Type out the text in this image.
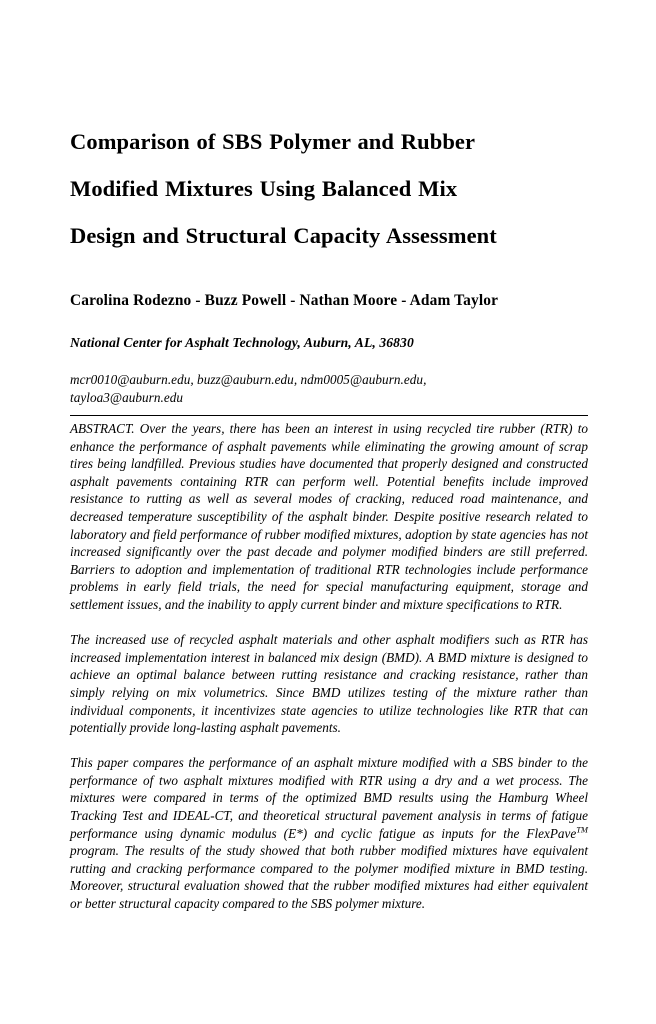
Comparison of SBS Polymer and Rubber
Modified Mixtures Using Balanced Mix
Design and Structural Capacity Assessment

Carolina Rodezno - Buzz Powell - Nathan Moore - Adam Taylor

National Center for Asphalt Technology, Auburn, AL, 36830

mcr0010@auburn.edu, buzz@auburn.edu, ndm0005@auburn.edu,
tayloa3@auburn.edu

ABSTRACT. Over the years, there has been an interest in using recycled tire rubber (RTR) to enhance the performance of asphalt pavements while eliminating the growing amount of scrap tires being landfilled. Previous studies have documented that properly designed and constructed asphalt pavements containing RTR can perform well. Potential benefits include improved resistance to rutting as well as several modes of cracking, reduced road maintenance, and decreased temperature susceptibility of the asphalt binder. Despite positive research related to laboratory and field performance of rubber modified mixtures, adoption by state agencies has not increased significantly over the past decade and polymer modified binders are still preferred. Barriers to adoption and implementation of traditional RTR technologies include performance problems in early field trials, the need for special manufacturing equipment, storage and settlement issues, and the inability to apply current binder and mixture specifications to RTR.

The increased use of recycled asphalt materials and other asphalt modifiers such as RTR has increased implementation interest in balanced mix design (BMD). A BMD mixture is designed to achieve an optimal balance between rutting resistance and cracking resistance, rather than simply relying on mix volumetrics. Since BMD utilizes testing of the mixture rather than individual components, it incentivizes state agencies to utilize technologies like RTR that can potentially provide long-lasting asphalt pavements.

This paper compares the performance of an asphalt mixture modified with a SBS binder to the performance of two asphalt mixtures modified with RTR using a dry and a wet process. The mixtures were compared in terms of the optimized BMD results using the Hamburg Wheel Tracking Test and IDEAL-CT, and theoretical structural pavement analysis in terms of fatigue performance using dynamic modulus (E*) and cyclic fatigue as inputs for the FlexPave™ program. The results of the study showed that both rubber modified mixtures have equivalent rutting and cracking performance compared to the polymer modified mixture in BMD testing. Moreover, structural evaluation showed that the rubber modified mixtures had either equivalent or better structural capacity compared to the SBS polymer mixture.
